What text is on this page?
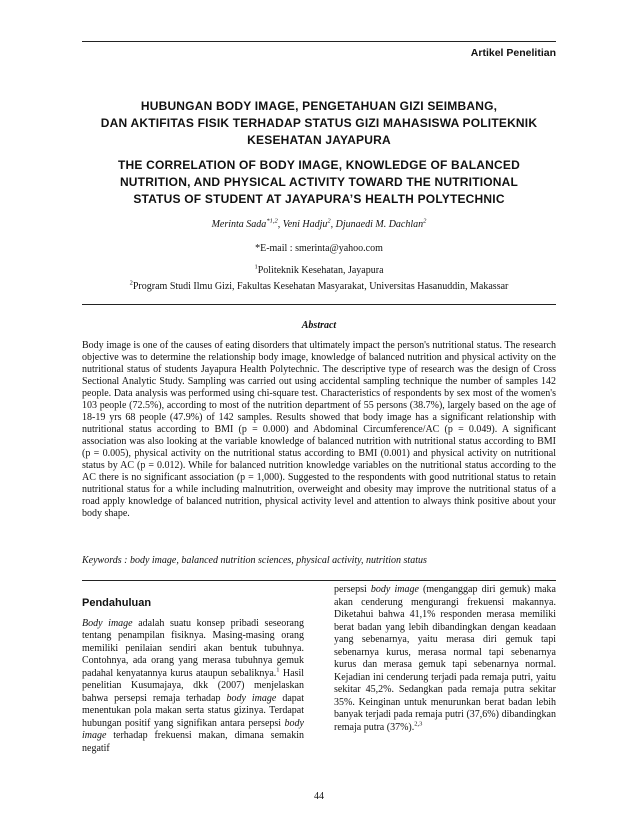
Artikel Penelitian
HUBUNGAN BODY IMAGE, PENGETAHUAN GIZI SEIMBANG,
DAN AKTIFITAS FISIK TERHADAP STATUS GIZI MAHASISWA POLITEKNIK
KESEHATAN JAYAPURA
THE CORRELATION OF BODY IMAGE, KNOWLEDGE OF BALANCED
NUTRITION, AND PHYSICAL ACTIVITY TOWARD THE NUTRITIONAL
STATUS OF STUDENT AT JAYAPURA’S HEALTH POLYTECHNIC
Merinta Sada$^{*1,2}$, Veni Hadju$^2$, Djunaedi M. Dachlan$^2$
*E-mail : smerinta@yahoo.com
$^1$Politeknik Kesehatan, Jayapura
$^2$Program Studi Ilmu Gizi, Fakultas Kesehatan Masyarakat, Universitas Hasanuddin, Makassar
Abstract

Body image is one of the causes of eating disorders that ultimately impact the person's nutritional status. The research objective was to determine the relationship body image, knowledge of balanced nutrition and physical activity on the nutritional status of students Jayapura Health Polytechnic. The descriptive type of research was the design of Cross Sectional Analytic Study. Sampling was carried out using accidental sampling technique the number of samples 142 people. Data analysis was performed using chi-square test. Characteristics of respondents by sex most of the women's 103 people (72.5%), according to most of the nutrition department of 55 persons (38.7%), largely based on the age of 18-19 yrs 68 people (47.9%) of 142 samples. Results showed that body image has a significant relationship with nutritional status according to BMI (p = 0.000) and Abdominal Circumference/AC (p = 0.049). A significant association was also looking at the variable knowledge of balanced nutrition with nutritional status according to BMI (p = 0.005), physical activity on the nutritional status according to BMI (0.001) and physical activity on nutritional status by AC (p = 0.012). While for balanced nutrition knowledge variables on the nutritional status according to the AC there is no significant association (p = 1,000). Suggested to the respondents with good nutritional status to retain nutritional status for a while including malnutrition, overweight and obesity may improve the nutritional status of a road apply knowledge of balanced nutrition, physical activity level and attention to always think positive about your body shape.

Keywords : body image, balanced nutrition sciences, physical activity, nutrition status
Pendahuluan

Body image adalah suatu konsep pribadi seseorang tentang penampilan fisiknya. Masing-masing orang memiliki penilaian sendiri akan bentuk tubuhnya. Contohnya, ada orang yang merasa tubuhnya gemuk padahal kenyatannya kurus ataupun sebaliknya.$^1$ Hasil penelitian Kusumajaya, dkk (2007) menjelaskan bahwa persepsi remaja terhadap body image dapat menentukan pola makan serta status gizinya. Terdapat hubungan positif yang signifikan antara persepsi body image terhadap frekuensi makan, dimana semakin negatif

persepsi body image (menganggap diri gemuk) maka akan cenderung mengurangi frekuensi makannya. Diketahui bahwa 41,1% responden merasa memiliki berat badan yang lebih dibandingkan dengan keadaan yang sebenarnya, yaitu merasa diri gemuk tapi sebenarnya kurus, merasa normal tapi sebenarnya kurus dan merasa gemuk tapi sebenarnya normal. Kejadian ini cenderung terjadi pada remaja putri, yaitu sekitar 45,2%. Sedangkan pada remaja putra sekitar 35%. Keinginan untuk menurunkan berat badan lebih banyak terjadi pada remaja putri (37,6%) dibandingkan remaja putra (37%).$^{2,3}$

44
